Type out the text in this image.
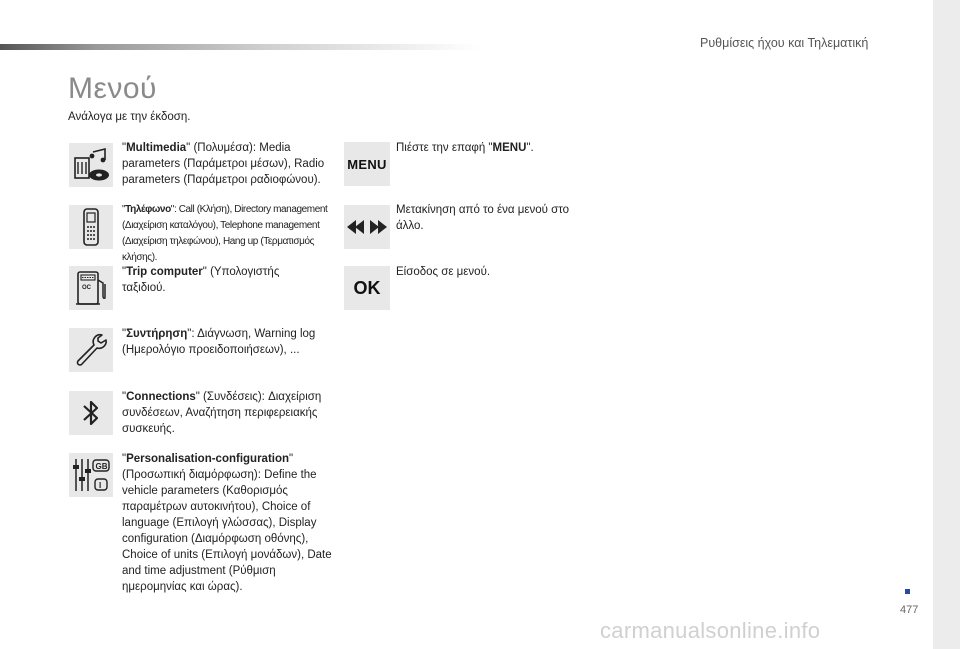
Ρυθμίσεις ήχου και Τηλεματική
Μενού
Ανάλογα με την έκδοση.
"Multimedia" (Πολυμέσα): Media parameters (Παράμετροι μέσων), Radio parameters (Παράμετροι ραδιοφώνου).
"Τηλέφωνο": Call (Κλήση), Directory management (Διαχείριση καταλόγου), Telephone management (Διαχείριση τηλεφώνου), Hang up (Τερματισμός κλήσης).
OC
"Trip computer" (Υπολογιστής ταξιδιού.
"Συντήρηση": Διάγνωση, Warning log (Ημερολόγιο προειδοποιήσεων), ...
"Connections" (Συνδέσεις): Διαχείριση συνδέσεων, Αναζήτηση περιφερειακής συσκευής.
GB
I
"Personalisation-configuration" (Προσωπική διαμόρφωση): Define the vehicle parameters (Καθορισμός παραμέτρων αυτοκινήτου), Choice of language (Επιλογή γλώσσας), Display configuration (Διαμόρφωση οθόνης), Choice of units (Επιλογή μονάδων), Date and time adjustment (Ρύθμιση ημερομηνίας και ώρας).
MENU
Πιέστε την επαφή "MENU".
Μετακίνηση από το ένα μενού στο άλλο.
OK
Είσοδος σε μενού.
477
carmanualsonline.info
